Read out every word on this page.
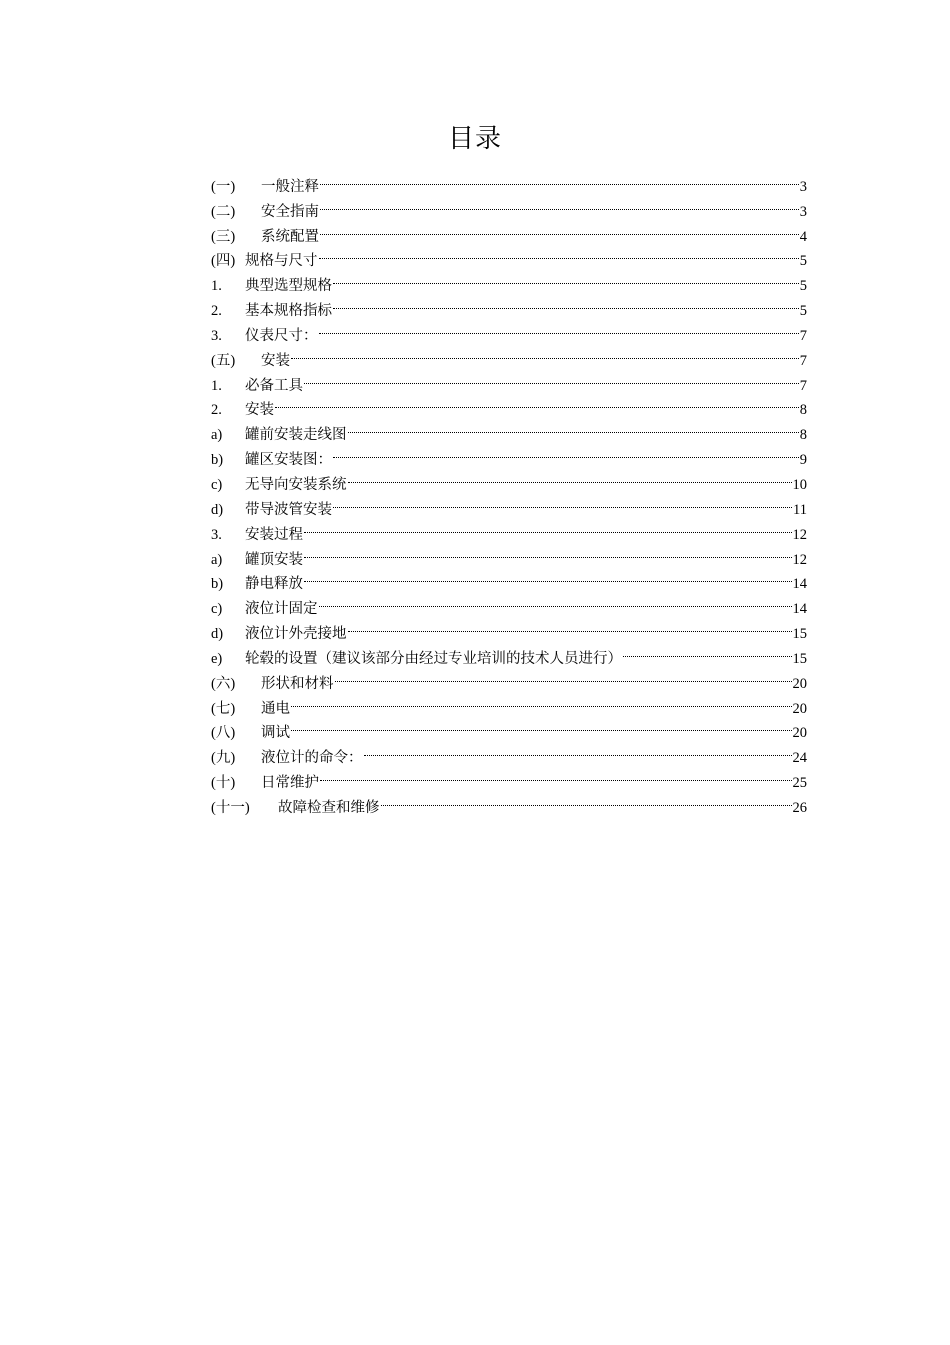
目录
(一)	一般注释	3
(二)	安全指南	3
(三)	系统配置	4
(四) 规格与尺寸	5
1.	典型选型规格	5
2.	基本规格指标	5
3.	仪表尺寸：	7
(五)	安装	7
1.	必备工具	7
2.	安装	8
a)	罐前安装走线图	8
b)	罐区安装图：	9
c)	无导向安装系统	10
d)	带导波管安装	11
3.	安装过程	12
a)	罐顶安装	12
b)	静电释放	14
c)	液位计固定	14
d)	液位计外壳接地	15
e)	轮毂的设置（建议该部分由经过专业培训的技术人员进行）	15
(六)	形状和材料	20
(七)	通电	20
(八)	调试	20
(九)	液位计的命令：	24
(十)	日常维护	25
(十一)	故障检查和维修	26
